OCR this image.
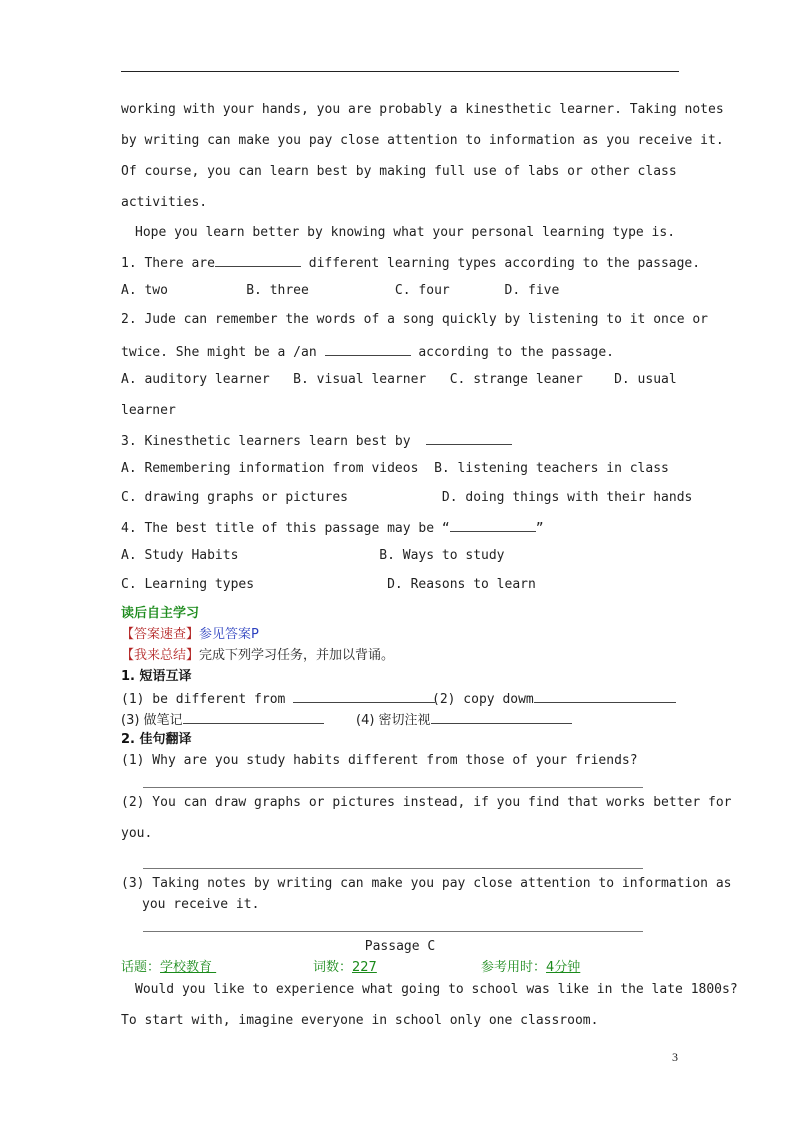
working with your hands, you are probably a kinesthetic learner. Taking notes
by writing can make you pay close attention to information as you receive it.
Of course, you can learn best by making full use of labs or other class
activities.
Hope you learn better by knowing what your personal learning type is.
1. There are	different learning types according to the passage.
A. two          B. three           C. four       D. five
2. Jude can remember the words of a song quickly by listening to it once or
twice. She might be a /an	according to the passage.
A. auditory learner   B. visual learner   C. strange leaner    D. usual
learner
3. Kinesthetic learners learn best by
A. Remembering information from videos  B. listening teachers in class
C. drawing graphs or pictures            D. doing things with their hands
4. The best title of this passage may be “	”
A. Study Habits                  B. Ways to study
C. Learning types                 D. Reasons to learn
读后自主学习
【答案速查】参见答案P
【我来总结】完成下列学习任务，并加以背诵。
1. 短语互译
(1) be different from	(2) copy dowm
(3) 做笔记	(4) 密切注视
2. 佳句翻译
(1) Why are you study habits different from those of your friends?
(2) You can draw graphs or pictures instead, if you find that works better for
you.
(3) Taking notes by writing can make you pay close attention to information as
you receive it.
Passage C
话题：学校教育	词数：227	参考用时：4分钟
Would you like to experience what going to school was like in the late 1800s?
To start with, imagine everyone in school only one classroom.
3
